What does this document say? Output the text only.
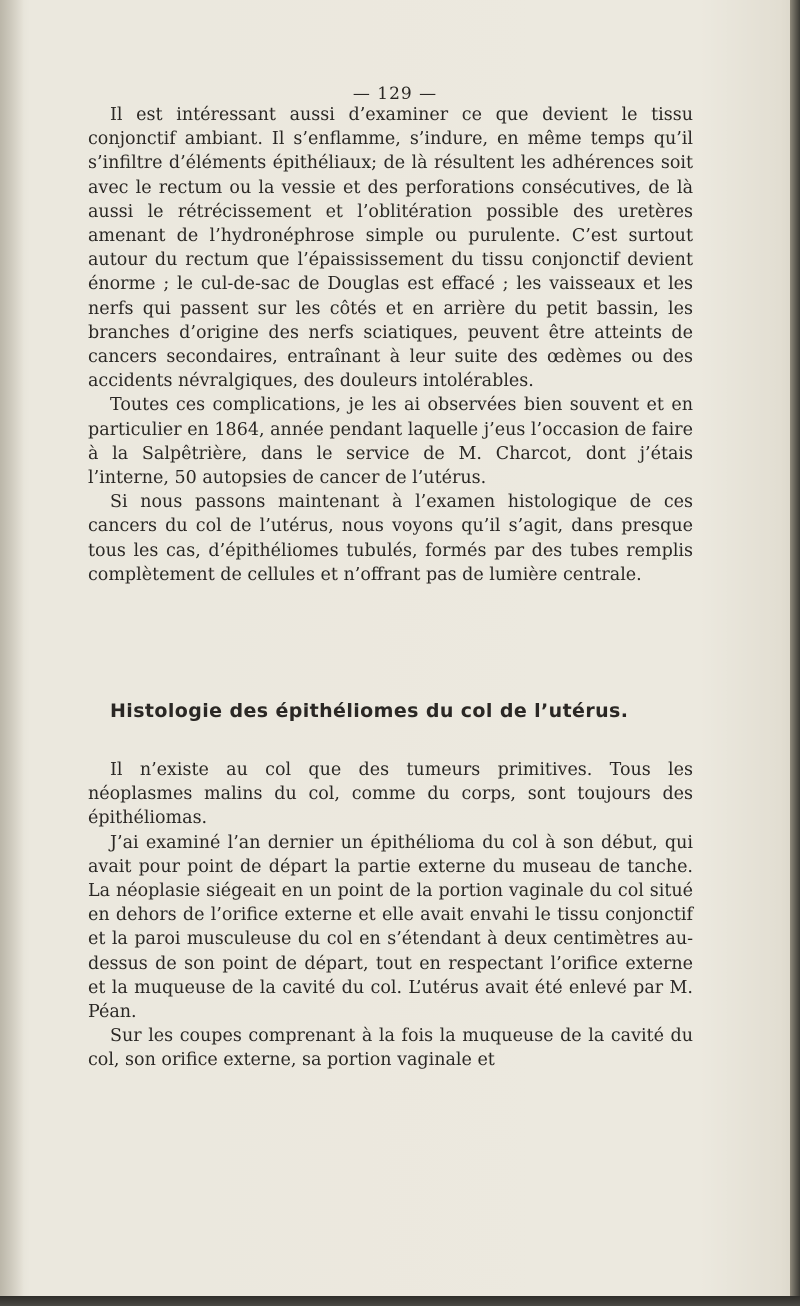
— 129 —

Il est intéressant aussi d’examiner ce que devient le tissu conjonctif ambiant. Il s’enflamme, s’indure, en même temps qu’il s’infiltre d’éléments épithéliaux; de là résultent les adhérences soit avec le rectum ou la vessie et des perforations consécutives, de là aussi le rétrécissement et l’oblitération possible des uretères amenant de l’hydronéphrose simple ou purulente. C’est surtout autour du rectum que l’épaississement du tissu conjonctif devient énorme ; le cul-de-sac de Douglas est effacé ; les vaisseaux et les nerfs qui passent sur les côtés et en arrière du petit bassin, les branches d’origine des nerfs sciatiques, peuvent être atteints de cancers secondaires, entraînant à leur suite des œdèmes ou des accidents névralgiques, des douleurs intolérables.

Toutes ces complications, je les ai observées bien souvent et en particulier en 1864, année pendant laquelle j’eus l’occasion de faire à la Salpêtrière, dans le service de M. Charcot, dont j’étais l’interne, 50 autopsies de cancer de l’utérus.

Si nous passons maintenant à l’examen histologique de ces cancers du col de l’utérus, nous voyons qu’il s’agit, dans presque tous les cas, d’épithéliomes tubulés, formés par des tubes remplis complètement de cellules et n’offrant pas de lumière centrale.

Histologie des épithéliomes du col de l’utérus.

Il n’existe au col que des tumeurs primitives. Tous les néoplasmes malins du col, comme du corps, sont toujours des épithéliomas.

J’ai examiné l’an dernier un épithélioma du col à son début, qui avait pour point de départ la partie externe du museau de tanche. La néoplasie siégeait en un point de la portion vaginale du col situé en dehors de l’orifice externe et elle avait envahi le tissu conjonctif et la paroi musculeuse du col en s’étendant à deux centimètres au-dessus de son point de départ, tout en respectant l’orifice externe et la muqueuse de la cavité du col. L’utérus avait été enlevé par M. Péan.

Sur les coupes comprenant à la fois la muqueuse de la cavité du col, son orifice externe, sa portion vaginale et
